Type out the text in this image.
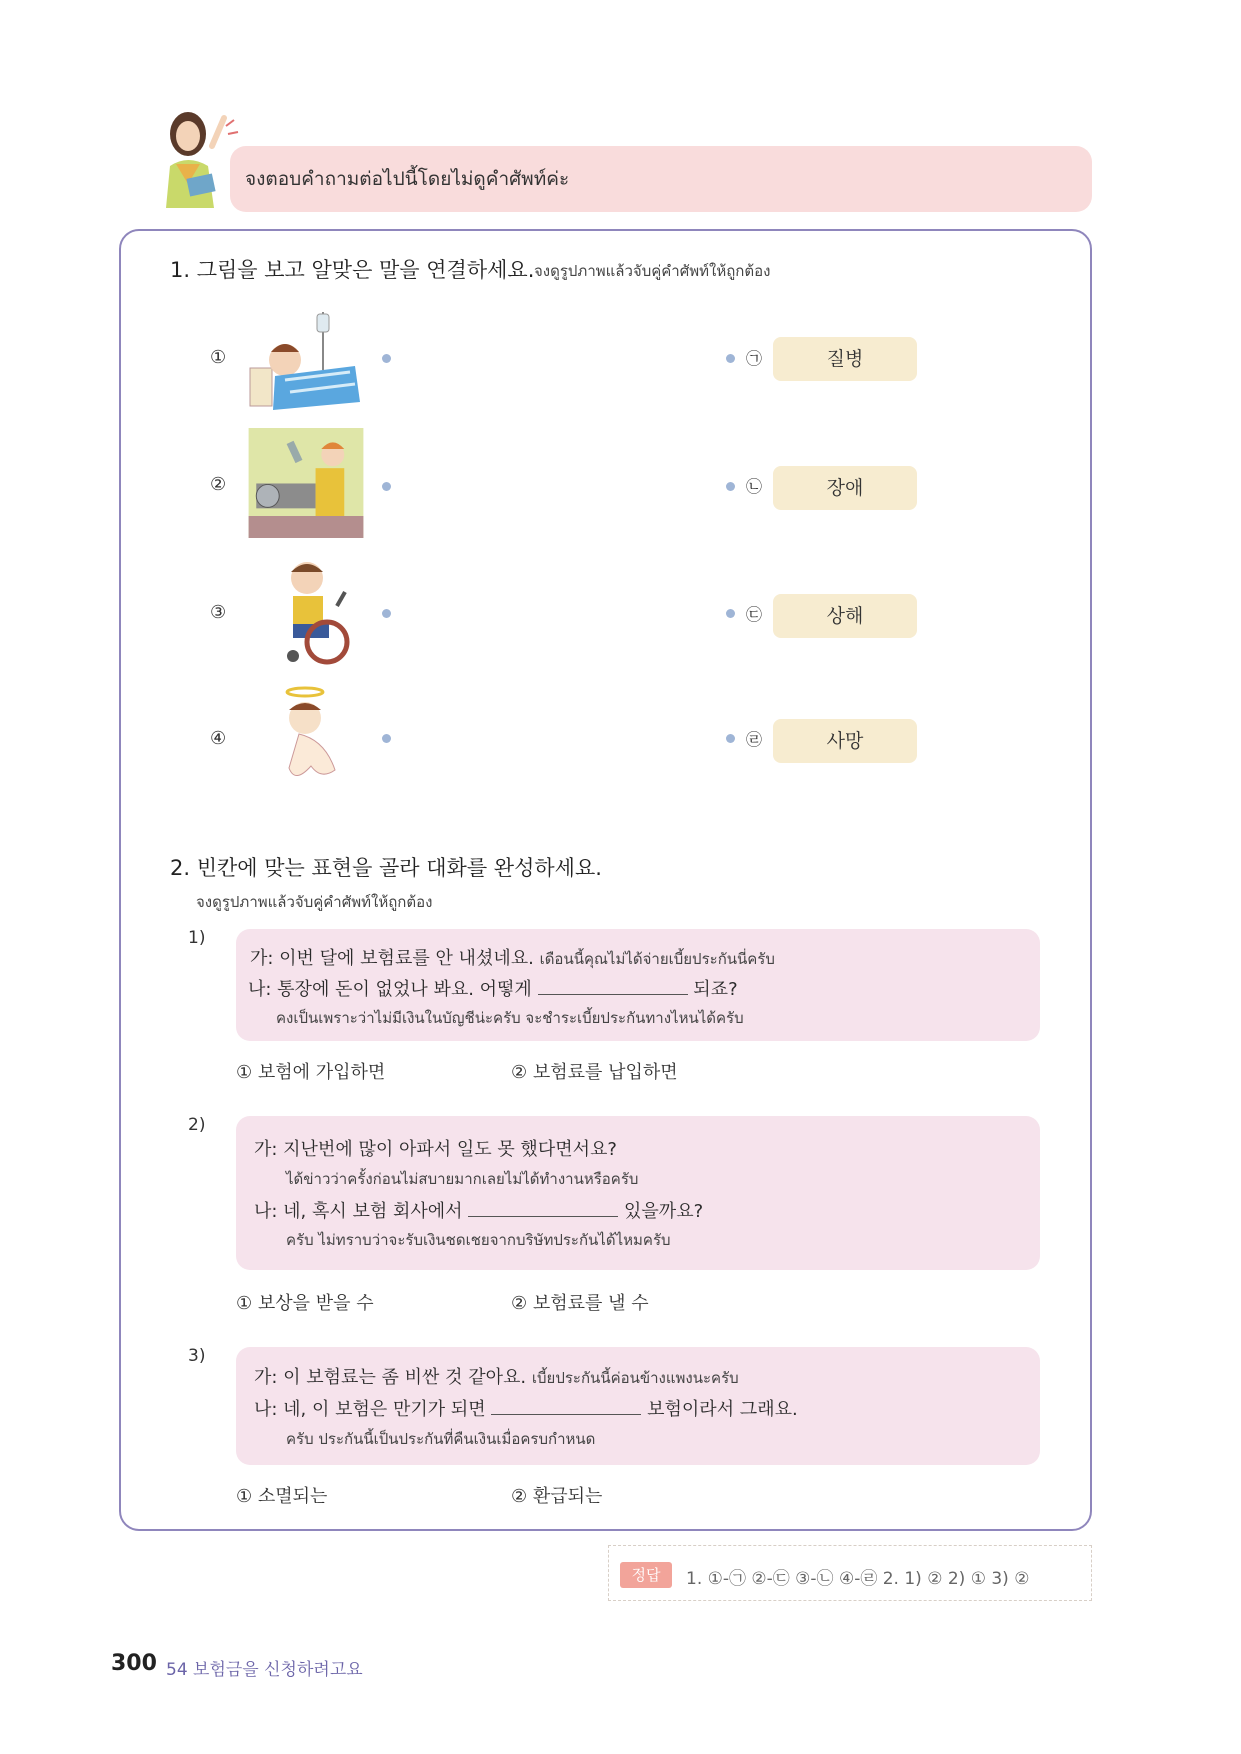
จงตอบคำถามต่อไปนี้โดยไม่ดูคำศัพท์ค่ะ
1. 그림을 보고 알맞은 말을 연결하세요. จงดูรูปภาพแล้วจับคู่คำศัพท์ให้ถูกต้อง
①	㉠	질병
②	㉡	장애
③	㉢	상해
④	㉣	사망
2. 빈칸에 맞는 표현을 골라 대화를 완성하세요.
จงดูรูปภาพแล้วจับคู่คำศัพท์ให้ถูกต้อง
1)
가: 이번 달에 보험료를 안 내셨네요. เดือนนี้คุณไม่ได้จ่ายเบี้ยประกันนี่ครับ
나: 통장에 돈이 없었나 봐요. 어떻게	되죠?
คงเป็นเพราะว่าไม่มีเงินในบัญชีน่ะครับ จะชำระเบี้ยประกันทางไหนได้ครับ
① 보험에 가입하면	② 보험료를 납입하면
2)
가: 지난번에 많이 아파서 일도 못 했다면서요?
ได้ข่าวว่าครั้งก่อนไม่สบายมากเลยไม่ได้ทำงานหรือครับ
나: 네, 혹시 보험 회사에서	있을까요?
ครับ ไม่ทราบว่าจะรับเงินชดเชยจากบริษัทประกันได้ไหมครับ
① 보상을 받을 수	② 보험료를 낼 수
3)
가: 이 보험료는 좀 비싼 것 같아요. เบี้ยประกันนี้ค่อนข้างแพงนะครับ
나: 네, 이 보험은 만기가 되면	보험이라서 그래요.
ครับ ประกันนี้เป็นประกันที่คืนเงินเมื่อครบกำหนด
① 소멸되는	② 환급되는
정답	1. ①-㉠ ②-㉢ ③-㉡ ④-㉣ 2. 1) ② 2) ① 3) ②
300 54 보험금을 신청하려고요
